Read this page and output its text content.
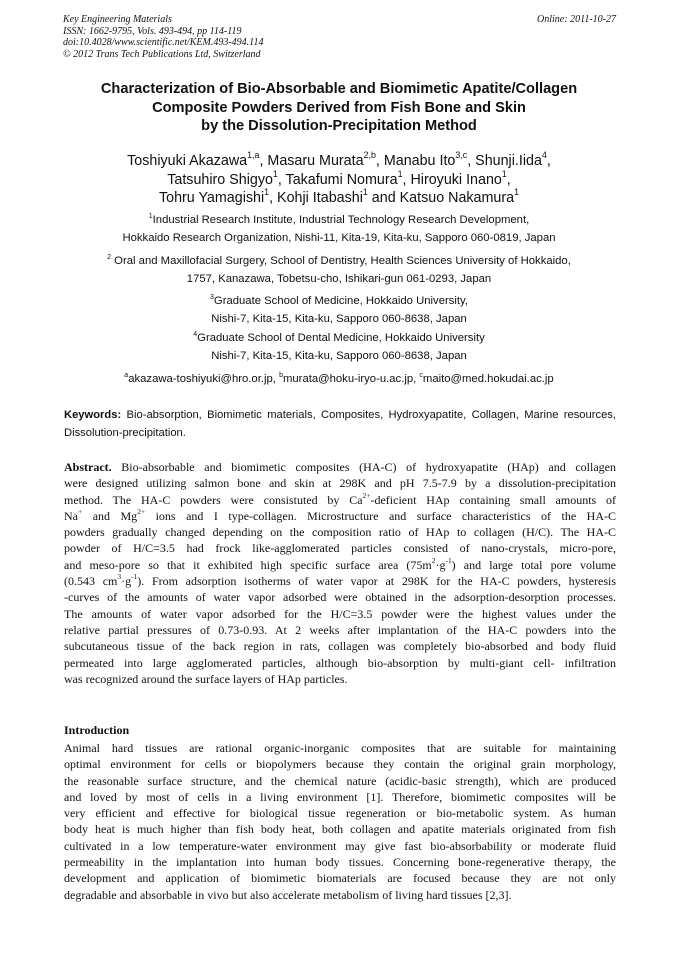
Key Engineering Materials
ISSN: 1662-9795, Vols. 493-494, pp 114-119
doi:10.4028/www.scientific.net/KEM.493-494.114
© 2012 Trans Tech Publications Ltd, Switzerland
Online: 2011-10-27
Characterization of Bio-Absorbable and Biomimetic Apatite/Collagen
Composite Powders Derived from Fish Bone and Skin
by the Dissolution-Precipitation Method
Toshiyuki Akazawa$^{1,a}$, Masaru Murata$^{2,b}$, Manabu Ito$^{3,c}$, Shunji.Iida$^4$,
Tatsuhiro Shigyo$^1$, Takafumi Nomura$^1$, Hiroyuki Inano$^1$,
Tohru Yamagishi$^1$, Kohji Itabashi$^1$ and Katsuo Nakamura$^1$
$^1$Industrial Research Institute, Industrial Technology Research Development,
Hokkaido Research Organization, Nishi-11, Kita-19, Kita-ku, Sapporo 060-0819, Japan
$^2$ Oral and Maxillofacial Surgery, School of Dentistry, Health Sciences University of Hokkaido,
1757, Kanazawa, Tobetsu-cho, Ishikari-gun 061-0293, Japan
$^3$Graduate School of Medicine, Hokkaido University,
Nishi-7, Kita-15, Kita-ku, Sapporo 060-8638, Japan
$^4$Graduate School of Dental Medicine, Hokkaido University
Nishi-7, Kita-15, Kita-ku, Sapporo 060-8638, Japan
$^a$akazawa-toshiyuki@hro.or.jp, $^b$murata@hoku-iryo-u.ac.jp, $^c$maito@med.hokudai.ac.jp
Keywords: Bio-absorption, Biomimetic materials, Composites, Hydroxyapatite, Collagen, Marine resources, Dissolution-precipitation.
Abstract. Bio-absorbable and biomimetic composites (HA-C) of hydroxyapatite (HAp) and collagen
were designed utilizing salmon bone and skin at 298K and pH 7.5-7.9 by a dissolution-precipitation
method. The HA-C powders were consistuted by $Ca^{2+}$-deficient HAp containing small amounts of
Na+ and $Mg^{2+}$ ions and I type-collagen. Microstructure and surface characteristics of the HA-C
powders gradually changed depending on the composition ratio of HAp to collagen (H/C). The HA-C
powder of H/C=3.5 had frock like-agglomerated particles consisted of nano-crystals, micro-pore,
and meso-pore so that it exhibited high specific surface area $(75m^2\cdot g^{-1})$ and large total pore volume
(0.543 $cm^3\cdot g^{-1}$). From adsorption isotherms of water vapor at 298K for the HA-C powders, hysteresis
-curves of the amounts of water vapor adsorbed were obtained in the adsorption-desorption processes.
The amounts of water vapor adsorbed for the H/C=3.5 powder were the highest values under the
relative partial pressures of 0.73-0.93. At 2 weeks after implantation of the HA-C powders into the
subcutaneous tissue of the back region in rats, collagen was completely bio-absorbed and body fluid
permeated into large agglomerated particles, although bio-absorption by multi-giant cell- infiltration
was recognized around the surface layers of HAp particles.
Introduction
Animal hard tissues are rational organic-inorganic composites that are suitable for maintaining
optimal environment for cells or biopolymers because they contain the original grain morphology,
the reasonable surface structure, and the chemical nature (acidic-basic strength), which are produced
and loved by most of cells in a living environment [1]. Therefore, biomimetic composites will be
very efficient and effective for biological tissue regeneration or bio-metabolic system. As human
body heat is much higher than fish body heat, both collagen and apatite materials originated from fish
cultivated in a low temperature-water environment may give fast bio-absorbability or moderate fluid
permeability in the implantation into human body tissues. Concerning bone-regenerative therapy, the
development and application of biomimetic biomaterials are focused because they are not only
degradable and absorbable in vivo but also accelerate metabolism of living hard tissues [2,3].
